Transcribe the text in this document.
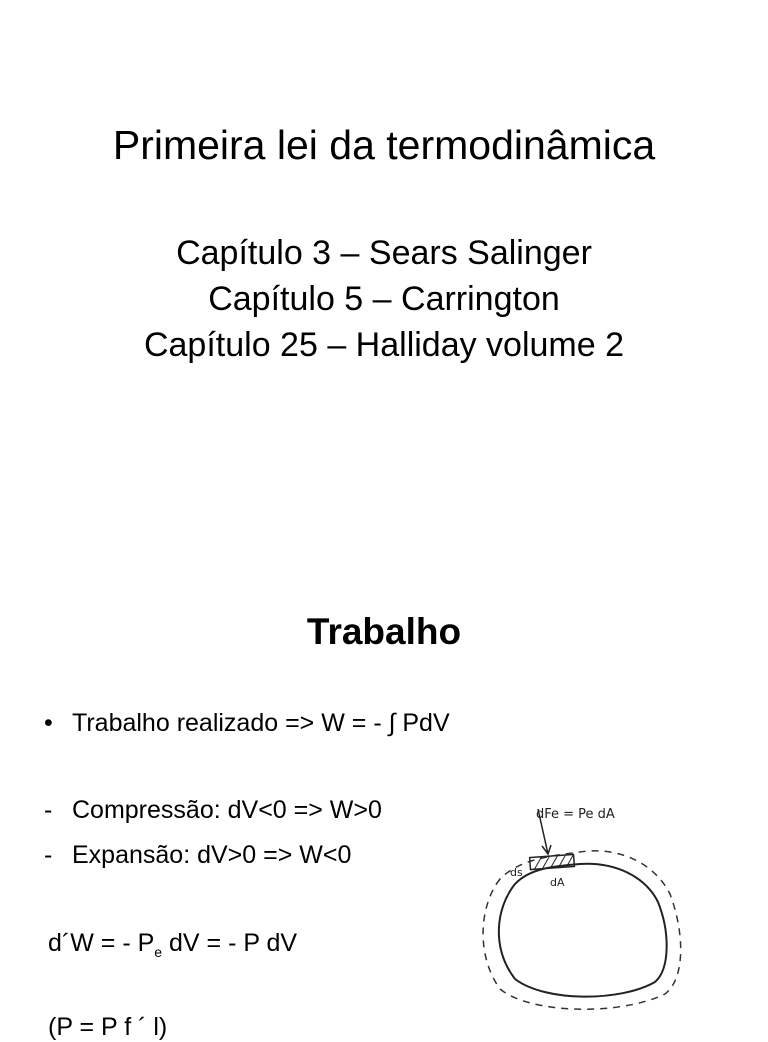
Primeira lei da termodinâmica
Capítulo 3 – Sears Salinger
Capítulo 5 – Carrington
Capítulo 25 – Halliday volume 2
Trabalho
• Trabalho realizado => W = - ∫ PdV
- Compressão: dV<0 => W>0
- Expansão: dV>0 => W<0
d´W = - $P_e$ dV = - P dV
(P = P f ´ l)
dFe = Pe dA
ds
dA
